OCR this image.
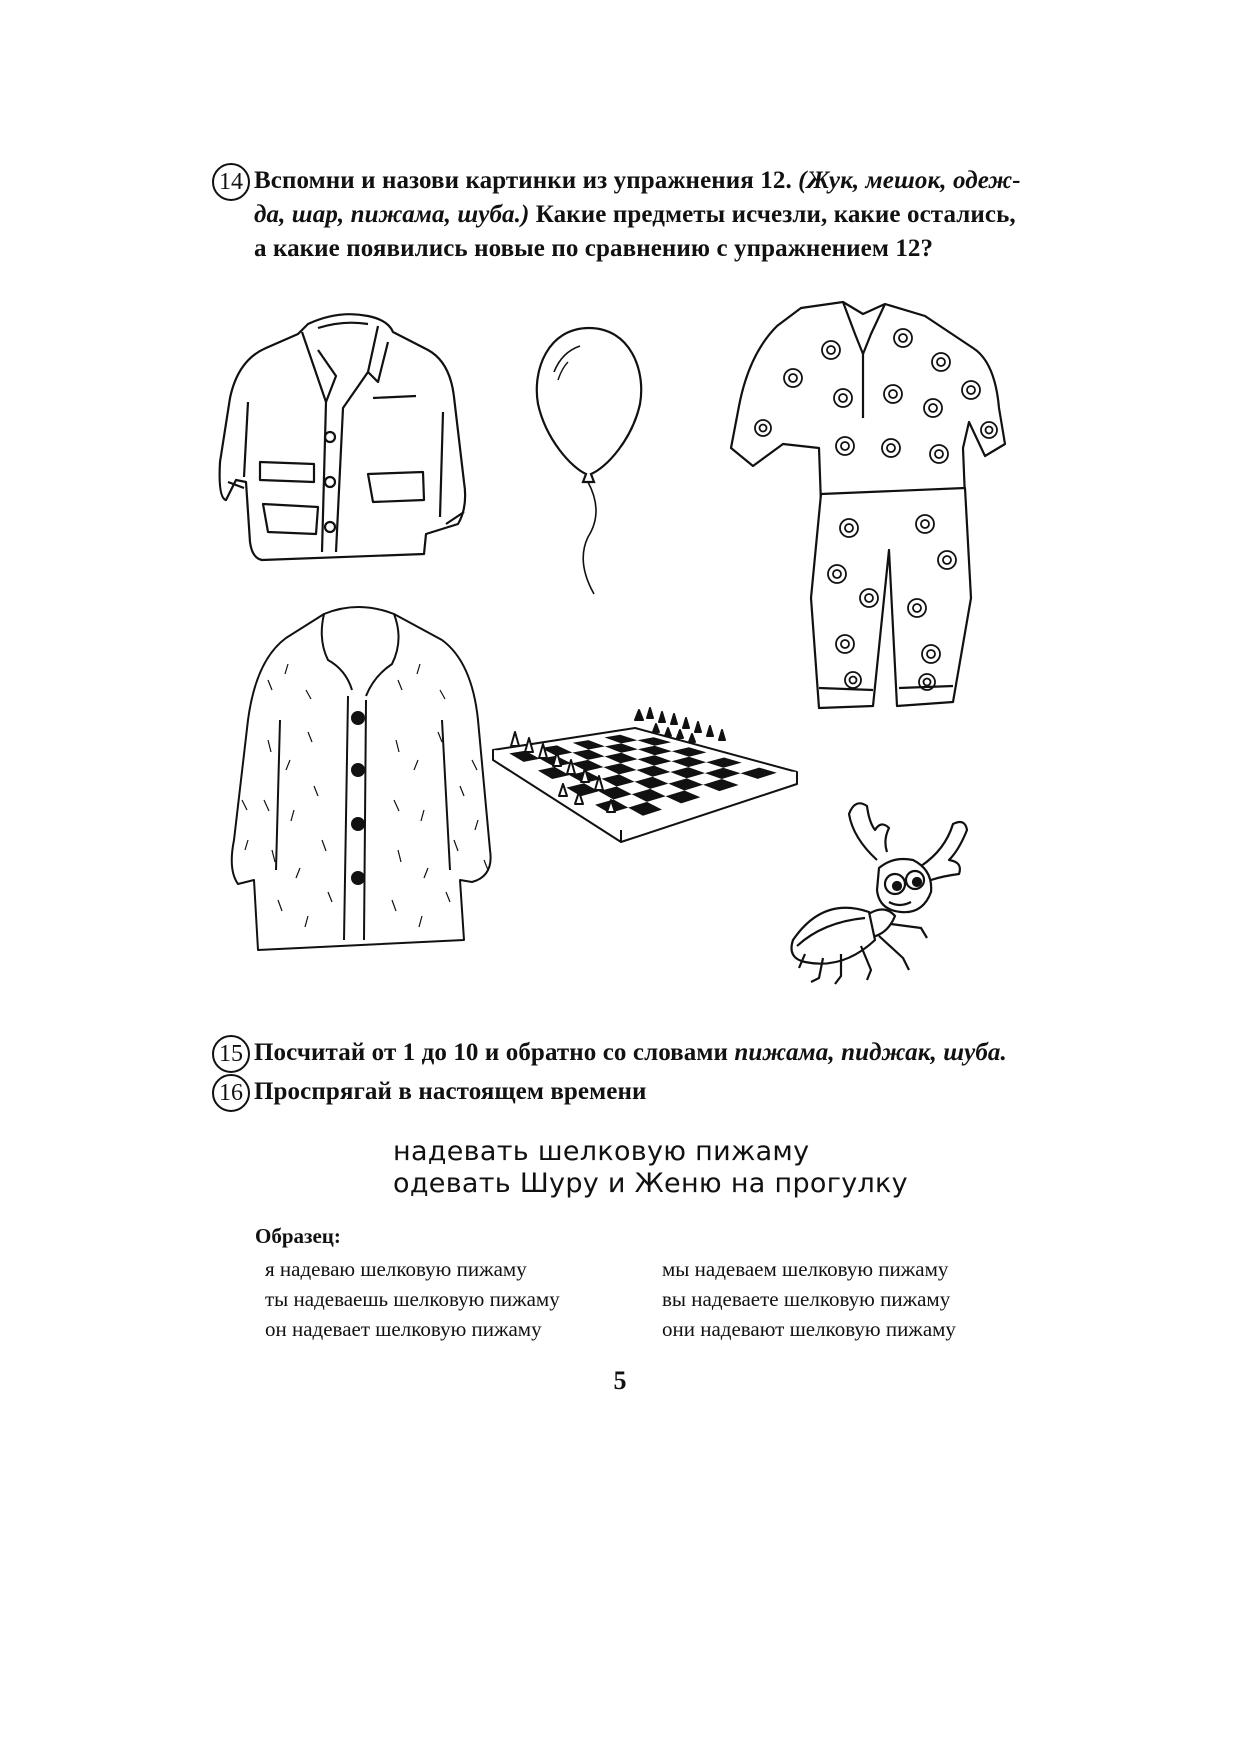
14 Вспомни и назови картинки из упражнения 12. (Жук, мешок, одеж-
да, шар, пижама, шуба.) Какие предметы исчезли, какие остались,
а какие появились новые по сравнению с упражнением 12?
15 Посчитай от 1 до 10 и обратно со словами пижама, пиджак, шуба.
16 Проспрягай в настоящем времени
надевать шелковую пижаму
одевать Шуру и Женю на прогулку
Образец:
я надеваю шелковую пижаму
ты надеваешь шелковую пижаму
он надевает шелковую пижаму
мы надеваем шелковую пижаму
вы надеваете шелковую пижаму
они надевают шелковую пижаму
5
